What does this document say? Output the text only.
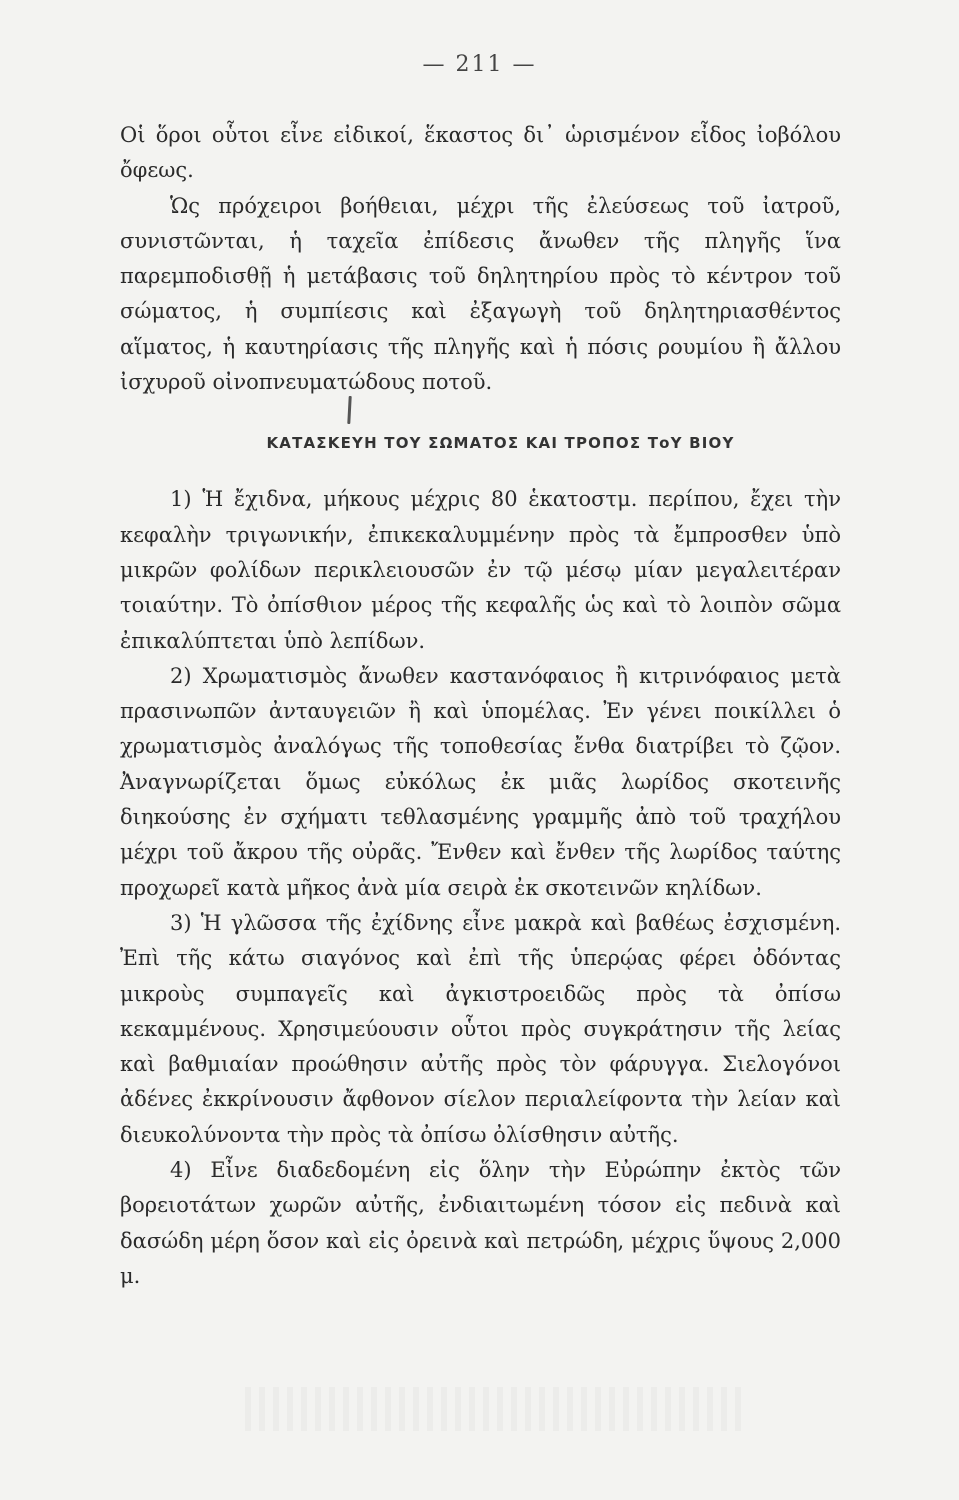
— 211 —

Οἱ ὅροι οὗτοι εἶνε εἰδικοί, ἕκαστος δι᾽ ὡρισμένον εἶδος ἰοβόλου ὄφεως.

Ὡς πρόχειροι βοήθειαι, μέχρι τῆς ἐλεύσεως τοῦ ἰατροῦ, συνιστῶνται, ἡ ταχεῖα ἐπίδεσις ἄνωθεν τῆς πληγῆς ἵνα παρεμποδισθῇ ἡ μετάβασις τοῦ δηλητηρίου πρὸς τὸ κέντρον τοῦ σώματος, ἡ συμπίεσις καὶ ἐξαγωγὴ τοῦ δηλητηριασθέντος αἵματος, ἡ καυτηρίασις τῆς πληγῆς καὶ ἡ πόσις ρουμίου ἢ ἄλλου ἰσχυροῦ οἰνοπνευματώδους ποτοῦ.

ΚΑΤΑΣΚΕΥΗ ΤΟΥ ΣΩΜΑΤΟΣ ΚΑΙ ΤΡΟΠΟΣ ΤοΥ ΒΙΟΥ

1) Ἡ ἔχιδνα, μήκους μέχρις 80 ἑκατοστμ. περίπου, ἔχει τὴν κεφαλὴν τριγωνικήν, ἐπικεκαλυμμένην πρὸς τὰ ἔμπροσθεν ὑπὸ μικρῶν φολίδων περικλειουσῶν ἐν τῷ μέσῳ μίαν μεγαλειτέραν τοιαύτην. Τὸ ὀπίσθιον μέρος τῆς κεφαλῆς ὡς καὶ τὸ λοιπὸν σῶμα ἐπικαλύπτεται ὑπὸ λεπίδων.

2) Χρωματισμὸς ἄνωθεν καστανόφαιος ἢ κιτρινόφαιος μετὰ πρασινωπῶν ἀνταυγειῶν ἢ καὶ ὑπομέλας. Ἐν γένει ποικίλλει ὁ χρωματισμὸς ἀναλόγως τῆς τοποθεσίας ἔνθα διατρίβει τὸ ζῷον. Ἀναγνωρίζεται ὅμως εὐκόλως ἐκ μιᾶς λωρίδος σκοτεινῆς διηκούσης ἐν σχήματι τεθλασμένης γραμμῆς ἀπὸ τοῦ τραχήλου μέχρι τοῦ ἄκρου τῆς οὐρᾶς. Ἔνθεν καὶ ἔνθεν τῆς λωρίδος ταύτης προχωρεῖ κατὰ μῆκος ἀνὰ μία σειρὰ ἐκ σκοτεινῶν κηλίδων.

3) Ἡ γλῶσσα τῆς ἐχίδνης εἶνε μακρὰ καὶ βαθέως ἐσχισμένη. Ἐπὶ τῆς κάτω σιαγόνος καὶ ἐπὶ τῆς ὑπερῴας φέρει ὀδόντας μικροὺς συμπαγεῖς καὶ ἀγκιστροειδῶς πρὸς τὰ ὀπίσω κεκαμμένους. Χρησιμεύουσιν οὗτοι πρὸς συγκράτησιν τῆς λείας καὶ βαθμιαίαν προώθησιν αὐτῆς πρὸς τὸν φάρυγγα. Σιελογόνοι ἀδένες ἐκκρίνουσιν ἄφθονον σίελον περιαλείφοντα τὴν λείαν καὶ διευκολύνοντα τὴν πρὸς τὰ ὀπίσω ὀλίσθησιν αὐτῆς.

4) Εἶνε διαδεδομένη εἰς ὅλην τὴν Εὐρώπην ἐκτὸς τῶν βορειοτάτων χωρῶν αὐτῆς, ἐνδιαιτωμένη τόσον εἰς πεδινὰ καὶ δασώδη μέρη ὅσον καὶ εἰς ὀρεινὰ καὶ πετρώδη, μέχρις ὕψους 2,000 μ.
